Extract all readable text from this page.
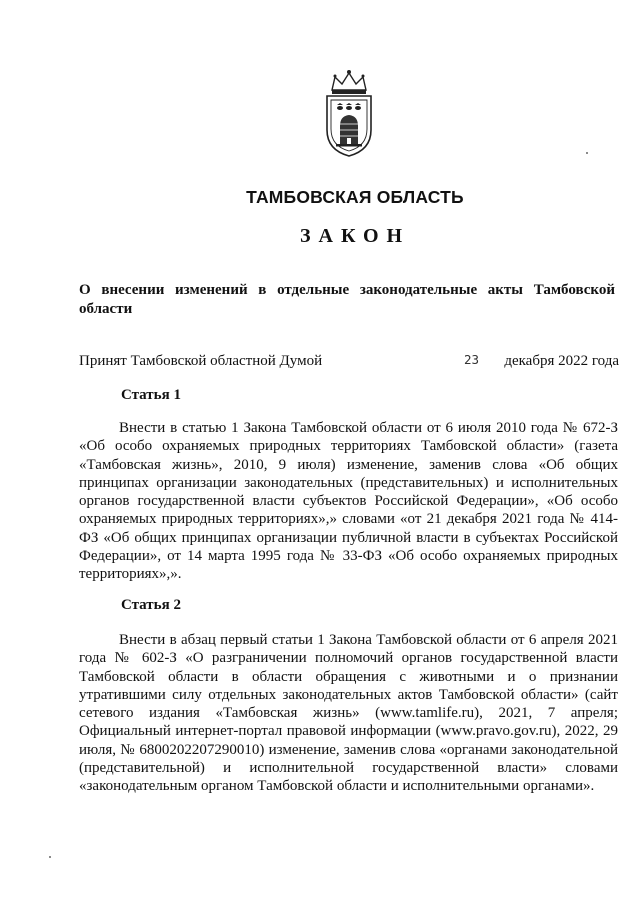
ТАМБОВСКАЯ ОБЛАСТЬ
ЗАКОН
О внесении изменений в отдельные законодательные акты Тамбовской области
Принят Тамбовской областной Думой	23 декабря 2022 года
Статья 1

Внести в статью 1 Закона Тамбовской области от 6 июля 2010 года № 672-З «Об особо охраняемых природных территориях Тамбовской области» (газета «Тамбовская жизнь», 2010, 9 июля) изменение, заменив слова «Об общих принципах организации законодательных (представительных) и исполнительных органов государственной власти субъектов Российской Федерации», «Об особо охраняемых природных территориях»,» словами «от 21 декабря 2021 года № 414-ФЗ «Об общих принципах организации публичной власти в субъектах Российской Федерации», от 14 марта 1995 года № 33-ФЗ «Об особо охраняемых природных территориях»,».

Статья 2

Внести в абзац первый статьи 1 Закона Тамбовской области от 6 апреля 2021 года № 602-З «О разграничении полномочий органов государственной власти Тамбовской области в области обращения с животными и о признании утратившими силу отдельных законодательных актов Тамбовской области» (сайт сетевого издания «Тамбовская жизнь» (www.tamlife.ru), 2021, 7 апреля; Официальный интернет-портал правовой информации (www.pravo.gov.ru), 2022, 29 июля, № 6800202207290010) изменение, заменив слова «органами законодательной (представительной) и исполнительной государственной власти» словами «законодательным органом Тамбовской области и исполнительными органами».
